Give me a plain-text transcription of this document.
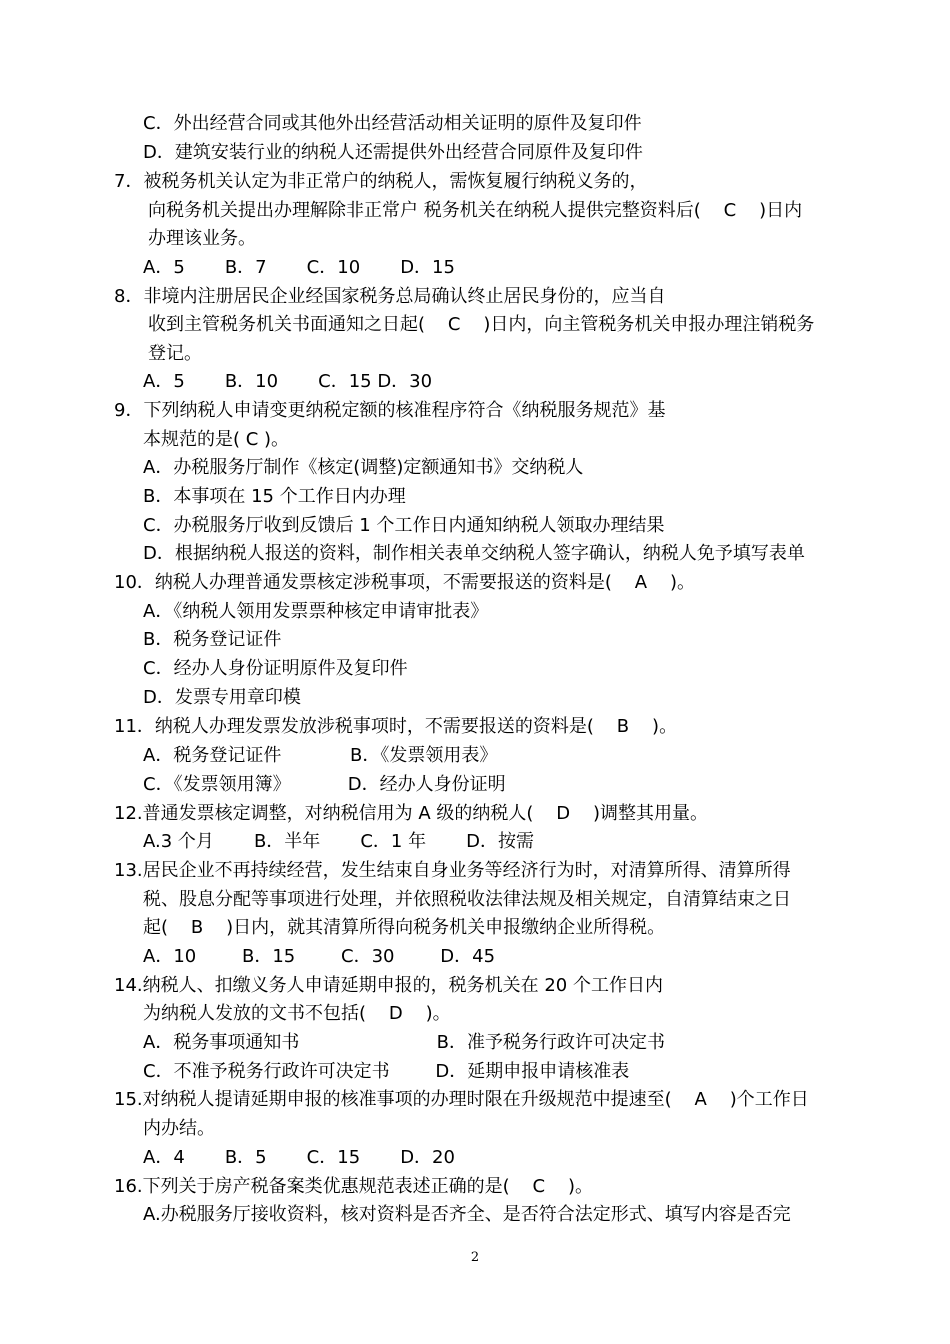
C．外出经营合同或其他外出经营活动相关证明的原件及复印件
D．建筑安装行业的纳税人还需提供外出经营合同原件及复印件
7．被税务机关认定为非正常户的纳税人，需恢复履行纳税义务的，
向税务机关提出办理解除非正常户 税务机关在纳税人提供完整资料后(    C    )日内
办理该业务。
A．5       B．7       C．10       D．15
8．非境内注册居民企业经国家税务总局确认终止居民身份的，应当自
收到主管税务机关书面通知之日起(    C    )日内，向主管税务机关申报办理注销税务
登记。
A．5       B．10       C．15 D．30
9．下列纳税人申请变更纳税定额的核准程序符合《纳税服务规范》基
本规范的是( C )。
A．办税服务厅制作《核定(调整)定额通知书》交纳税人
B．本事项在 15 个工作日内办理
C．办税服务厅收到反馈后 1 个工作日内通知纳税人领取办理结果
D．根据纳税人报送的资料，制作相关表单交纳税人签字确认，纳税人免予填写表单
10．纳税人办理普通发票核定涉税事项，不需要报送的资料是(    A    )。
A．《纳税人领用发票票种核定申请审批表》
B．税务登记证件
C．经办人身份证明原件及复印件
D．发票专用章印模
11．纳税人办理发票发放涉税事项时，不需要报送的资料是(    B    )。
A．税务登记证件            B．《发票领用表》
C．《发票领用簿》          D．经办人身份证明
12.普通发票核定调整，对纳税信用为 A 级的纳税人(    D    )调整其用量。
A.3 个月       B．半年       C．1 年       D．按需
13.居民企业不再持续经营，发生结束自身业务等经济行为时，对清算所得、清算所得
税、股息分配等事项进行处理，并依照税收法律法规及相关规定，自清算结束之日
起(    B    )日内，就其清算所得向税务机关申报缴纳企业所得税。
A．10        B．15        C．30        D．45
14.纳税人、扣缴义务人申请延期申报的，税务机关在 20 个工作日内
为纳税人发放的文书不包括(    D    )。
A．税务事项通知书                        B．准予税务行政许可决定书
C．不准予税务行政许可决定书        D．延期申报申请核准表
15.对纳税人提请延期申报的核准事项的办理时限在升级规范中提速至(    A    )个工作日
内办结。
A．4       B．5       C．15       D．20
16.下列关于房产税备案类优惠规范表述正确的是(    C    )。
A.办税服务厅接收资料，核对资料是否齐全、是否符合法定形式、填写内容是否完
2
